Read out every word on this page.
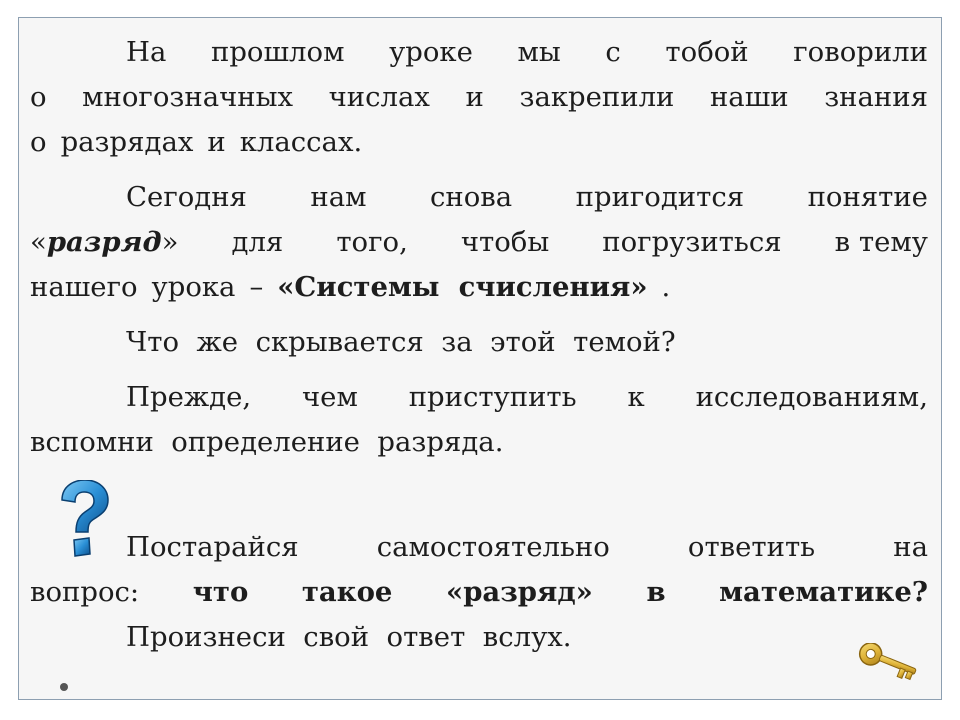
На прошлом уроке мы с тобой говорили
о многозначных числах и закрепили наши знания
о разрядах и классах.
Сегодня нам снова пригодится понятие
«разряд» для того, чтобы погрузиться в тему
нашего урока – «Системы  счисления» .
Что  же  скрывается  за  этой  темой?
Прежде, чем приступить к исследованиям,
вспомни  определение  разряда.
Постарайся	самостоятельно	ответить	на
вопрос: что такое «разряд» в математике?
Произнеси  свой  ответ  вслух.
